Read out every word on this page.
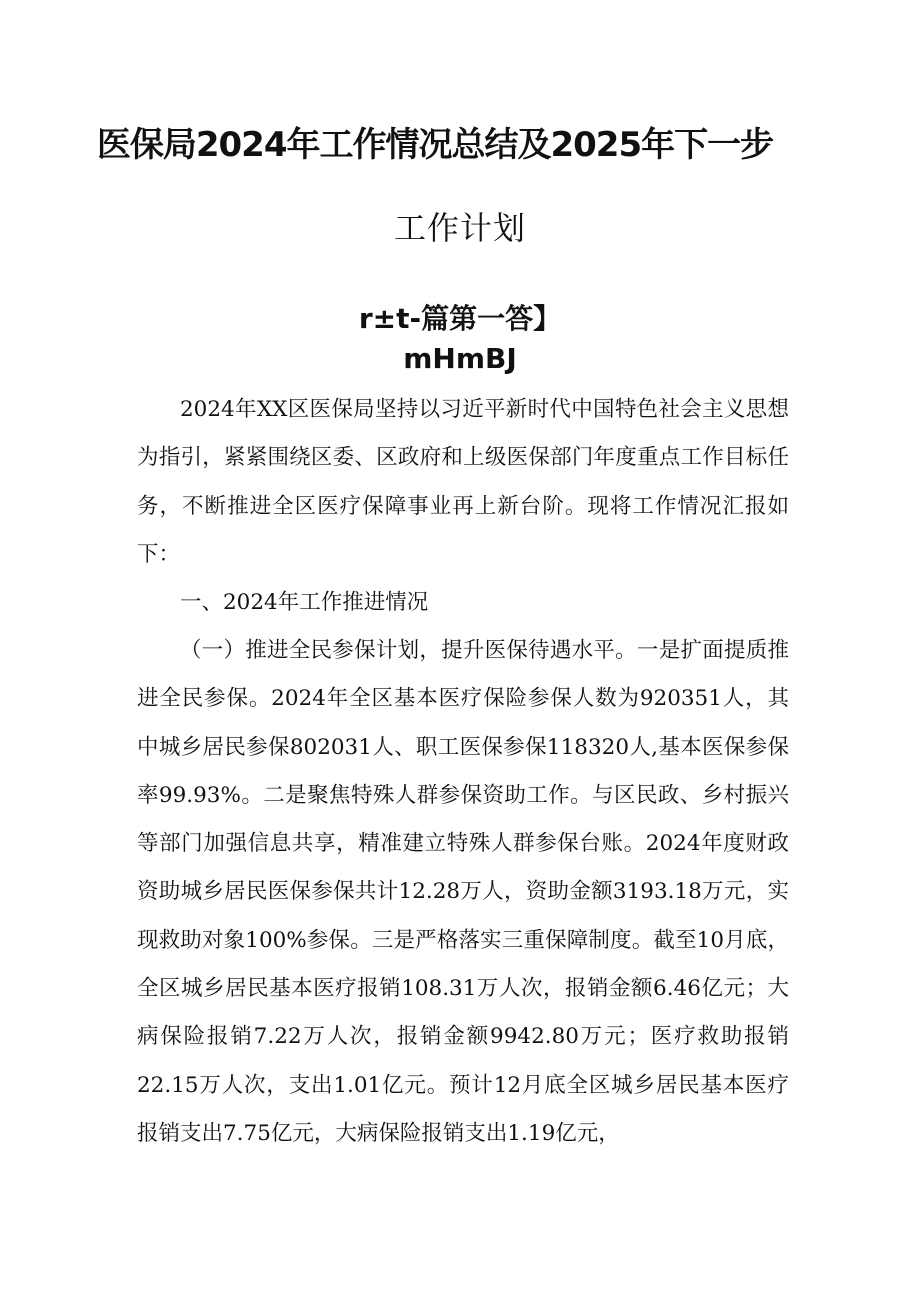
医保局2024年工作情况总结及2025年下一步
工作计划
r±t-篇第一答】
mHmBJ

2024年XX区医保局坚持以习近平新时代中国特色社会主义思想为指引，紧紧围绕区委、区政府和上级医保部门年度重点工作目标任务，不断推进全区医疗保障事业再上新台阶。现将工作情况汇报如下：

一、2024年工作推进情况

（一）推进全民参保计划，提升医保待遇水平。一是扩面提质推进全民参保。2024年全区基本医疗保险参保人数为920351人，其中城乡居民参保802031人、职工医保参保118320人,基本医保参保率99.93%。二是聚焦特殊人群参保资助工作。与区民政、乡村振兴等部门加强信息共享，精准建立特殊人群参保台账。2024年度财政资助城乡居民医保参保共计12.28万人，资助金额3193.18万元，实现救助对象100%参保。三是严格落实三重保障制度。截至10月底，全区城乡居民基本医疗报销108.31万人次，报销金额6.46亿元；大病保险报销7.22万人次，报销金额9942.80万元；医疗救助报销22.15万人次，支出1.01亿元。预计12月底全区城乡居民基本医疗报销支出7.75亿元，大病保险报销支出1.19亿元，
